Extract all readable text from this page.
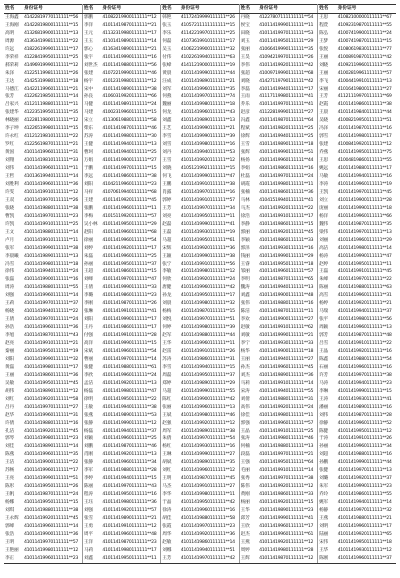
姓名	身份证号	姓名	身份证号	姓名	身份证号	姓名	身份证号	姓名	身份证号
王海鑫	41422819770111111**56	郭鹏	41082219900111111**12	韩艳	41172419999111111**26	丹晓	41227807111111111**54	王思	41082100000111111**67
王海刚	41422819800111111**15	李洋	41011419870111111**21	张玉	41057211111111111**15	侯宝	41011419990111111**11	程萱	41092319870111111**55
高明	41326819900111111**13	王元	41132319980111111**17	李乐	41142219970111111**25	田晓	41011419970111111**53	陈弘	41007419900111111**24
周源	41363419981111111**22	王玉	41101419890111111**14	何磊	41073619910111111**17	刘玉	41011419950111111**29	王梦	41007419870111111**15
许远	41822619990111111**17	郭心	41163419890111111**21	吴玉	41062219900111111**32	张丽	41066419990111111**35	张悦	41080619830111111**77
李荣祥	41228419950111111**25	张宇	41011419990111111**16	付伟	41022619940111111**63	王昊	41094219970111111**26	王丽	41008919870111111**42
郝荣莉	41496919990111111**12	刘世杰	41011419880111111**56	张峰	41411219000111111**19	李伟	41011419920111111**42	刘晓	41092119960111111**55
朱泽	41225119981111111**26	张建	41072219990111111**46	黄晨	41011419990111111**44	张超	41009719990111111**68	王丽	41002819961111111**57
王达	41425319980111111**18	杨宇	41012319980111111**12	汪成	41011419890111111**21	刘晓	41427119790111111**42	李飞	41004419910111111**13
马德江	41422119960111111**21	宋中	41011419890111111**38	刘军	41011419960111111**35	李磊	41011419940111111**17	宋丽	41016419800111111**27
张芳	41226219850111111**14	孙良	41060319920111111**66	何燕	41011419970111111**74	王雨	41117119980111111**41	王芳	41121119970111111**69
吕家兴	41121119880111111**11	马健	41011419891111111**24	魏丽	41011419980111111**18	乔乐	41011419970111111**41	赵霞	41011419860111111**38
张建华	41223519950111111**35	马建	41002319960111111**15	何龙	41011419960111111**43	赵彦	41122819990111111**27	王晨	41011419840111111**44
林晓丽	41228119800111111**12	宋立	41130619880111111**58	刘鑫	41011419890111111**13	冯鑫	41011419870111111**64	吴晓	41008219950111111**51
李子坤	41226519980111111**15	柴东	41011419870111111**46	王艺	41011419990111111**21	程斌	41011419820111111**25	冯泽	41011419870111111**16
许永红	41121219810111111**22	苏涛	41011419980111111**30	李雪	41011419990111111**39	徐辉	41011419940111111**25	郭雪	41011419980111111**17
罗红	41225619870111111**21	王健	41011419940111111**13	刘雪	41011419980111111**16	王雪	41011419890111111**18	张建	41008419920111111**12
黄国	41011419960111111**31	曹珂	41011419940111111**25	刘丹	41011419940111111**53	张辉	41011419990111111**51	乔燕	41011419950111111**75
刘翔	41011419810111111**33	万娟	41011419900111111**27	王雪	41011419920111111**12	杨扬	41011419960111111**44	王思	41004819860111111**55
刘伟	41011419960111111**11	于鹏	41011419970111111**15	刘晓	41051219921111111**15	李娟	41011419860111111**16	姚远	41011419880111111**17
王哲	41013619940111111**14	李远	41011419860111111**38	何飞	41011419990111111**47	杜磊	41011419970111111**24	马敏	41011419940111111**16
刘胜利	41011419960111111**36	刘阳	41042119960111111**23	王鹏	41011419910111111**38	胡霞	41011419980111111**11	李涛	41011419960111111**19
许雯	41011419910111111**12	马祥	41070619940111111**68	肖露	41011419970111111**16	张楠	41011419860111111**36	王凯	41011419970111111**45
王双	41011419970111111**26	王建	41011419920111111**45	郭婷	41011419910111111**57	马林	41041519940111111**41	刘立	41011419900111111**28
张晓	41011419880111111**38	张鹏	41011419960111111**11	王芳	41011419970111111**34	马杰	41011419920111111**22	庞丽	41011419990111111**18
曹凯	41011419970111111**23	李梅	41015119920111111**57	刘亮	41011419950111111**11	徐浩	41011419910111111**17	杨洋	41011419960111111**66
许凯	41011419910111111**25	吴小林	41011419950111111**29	赵磊	41011419990111111**41	李静	41011419860111111**15	魏伟	41011419870111111**35
王文	41011419880111111**14	赵阳	41011419960111111**68	王磊	41011419930111111**19	郭丽	41011419920111111**45	梁伟	41011419970111111**13
卢月	41011419910111111**11	徐丽	41011419960111111**54	马超	41011419950111111**61	李颖	41011419860111111**33	刘丽	41011419960111111**29
张军	41011419990111111**38	刘婷	41011419920111111**17	宋辉	41011419920111111**36	郭泽	41011419930111111**16	高洁	41011419980111111**14
李晨曦	41011419890111111**13	朱磊	41011419960111111**25	王颖	41011419990111111**38	钱丽	41011419990111111**29	杨涛	41011419990111111**47
冯雪	41011419980111111**18	孙丽	41011419950111111**37	张宁	41011419910111111**56	王睿	41011419950111111**18	赵婷	41011419950111111**11
徐伟	41011419940111111**24	王超	41011419860111111**15	李敏	41011419980111111**12	邹丽	41011419960111111**57	王磊	41011419910111111**45
张磊	41011419900111111**16	刘峰	41011419970111111**47	何欣	41011419920111111**24	李明	41011419870111111**65	朱峰	41011419970111111**22
周涛	41011419880111111**55	王倩	41011419990111111**33	唐健	41011419960111111**42	魏涛	41011419940111111**13	陈丽	41011419880111111**63
刘强	41011419960111111**14	李璐	41011419860111111**23	孙龙	41011419950111111**17	刘鑫	41011419900111111**48	高雪	41011419960111111**31
王莉	41011419970111111**37	李刚	41011419870111111**26	刘晨	41011419980111111**32	张伟	41011419880111111**16	杨婷	41011419920111111**21
杨晓	41011419940111111**22	张琳	41011419910111111**41	杨梅	41011419870111111**15	陈洁	41011419870111111**11	马瑞	41011419940111111**37
王倩	41011419970111111**24	刘阳	41011419990111111**17	刘悦	41011419970111111**51	李欢	41011419900111111**27	张平	41011419980111111**56
孙浩	41011419960111111**36	王丹	41011419860111111**17	何婷	41011419980111111**39	赵敏	41011419910111111**62	周颖	41011419960111111**13
李旭	41011419870111111**43	付强	41011419910111111**28	赵军	41011419880111111**44	刘敏	41011419990111111**21	郭芳	41011419870111111**48
赵亮	41011419910111111**21	高洋	41011419990111111**15	王华	41011419960111111**11	李宁	41011419930111111**33	吕雪	41011419910111111**22
秦丽	41011419950111111**19	宋斌	41011419960111111**54	赵雷	41011419910111111**26	杨华	41011419900111111**18	王晶	41011419920111111**16
刘阳	41011419990111111**32	曹丽	41011419970111111**14	苏涛	41011419860111111**31	王丽	41011419940111111**27	陈鑫	41011419880111111**54
黄磊	41011419980111111**17	张健	41011419880111111**61	李雪	41011419940111111**15	孙杰	41011419960111111**45	石丽	41011419960111111**16
王丽	41011419860111111**36	李欣	41011419960111111**24	周磊	41011419950111111**37	刘杰	41011419890111111**36	许芳	41011419970111111**38
吴敏	41011419950111111**45	孟洁	41011419920111111**13	郑婷	41011419890111111**29	马莉	41011419910111111**14	马涛	41011419940111111**23
胡伟	41011419890111111**12	杨磊	41011419980111111**47	马超	41011419990111111**55	宋涛	41011419940111111**55	李琳	41011419990111111**15
刘红	41011419920111111**58	徐明	41011419950111111**22	陈红	41011419900111111**42	刘倩	41011419880111111**31	王涛	41011419930111111**41
吕丹	41011419970111111**27	王敏	41011419940111111**38	张丽	41011419960111111**13	高伟	41011419920111111**24	潘丽	41011419890111111**16
赵华	41011419960111111**31	张燕	41011419890111111**53	王斌	41011419980111111**46	徐佳	41011419980111111**11	刘伟	41011419870111111**28
许倩	41011419880111111**16	张静	41011419990111111**12	赵强	41011419920111111**12	郭强	41011419960111111**57	徐静	41011419960111111**52
孔洁	41011419920111111**45	杨磊	41011419940111111**37	周军	41011419890111111**38	王晶	41011419910111111**25	陈健	41011419950111111**12
郭琴	41011419980111111**23	刘颖	41011419960111111**25	朱倩	41011419970111111**54	张涛	41011419980111111**46	于涛	41011419910111111**26
刘佳	41011419890111111**14	刘鹏	41011419870111111**46	杨红	41011419930111111**16	何楠	41011419880111111**13	孙丽	41011419960111111**34
陈燕	41011419960111111**35	肖刚	41011419920111111**13	王琳	41011419990111111**27	段磊	41011419970111111**21	刘超	41011419880111111**16
王洁	41011419900111111**22	张静	41011419960111111**34	胡斌	41011419890111111**35	王强	41011419950111111**64	孙鹏	41011419990111111**44
苏畅	41011419960111111**17	李军	41011419880111111**28	刘红	41011419960111111**12	毛丽	41011419910111111**14	张健	41011419970111111**13
王亮	41011419990111111**51	李婷	41011419940111111**15	王明	41011419870111111**45	张秀	41011419970111111**38	刘璐	41011419920111111**37
陈彤	41011419950111111**26	陈丽	41011419970111111**43	马杰	41011419910111111**27	陈伟	41011419920111111**12	朱军	41011419990111111**23
王帆	41011419870111111**24	程涛	41011419950111111**16	李华	41011419980111111**11	黄刚	41011419860111111**33	乔玲	41011419860111111**55
杨娜	41011419950111111**15	王珏	41011419980111111**36	于晶	41011419950111111**42	杨丽	41011419920111111**15	姚军	41011419940111111**14
刘琪	41011419880111111**38	刘强	41011419920111111**57	徐涛	41011419960111111**16	王华	41011419890111111**23	杨静	41011419970111111**32
王永辉	41011419920111111**45	张雪	41011419890111111**21	胡佳	41011419880111111**58	邱芳	41011419990111111**41	王燕	41011419880111111**21
郭峰	41011419960111111**14	王勇	41011419910111111**12	张霞	41011419970111111**23	王欣	41011419960111111**17	刘明	41011419960111111**17
张浩	41011419900111111**36	周平	41011419960111111**48	周华	41011419920111111**36	赵杰	41011419960111111**61	陆丽	41011419920111111**65
王明	41011419970111111**57	王洋	41011419870111111**23	赵敏	41011419860111111**14	王燕	41011419920111111**12	宋伟	41011419950111111**18
王艳丽	41011419980111111**12	马莉	41011419980111111**17	刘娜	41011419940111111**51	周婷	41011419980111111**28	王华	41011419930111111**12
李正	41011419960111111**23	刘鑫	41011419950111111**11	王芳	41011419970111111**42	王辉	41011419870111111**12	陈刚	41011419960111111**37
